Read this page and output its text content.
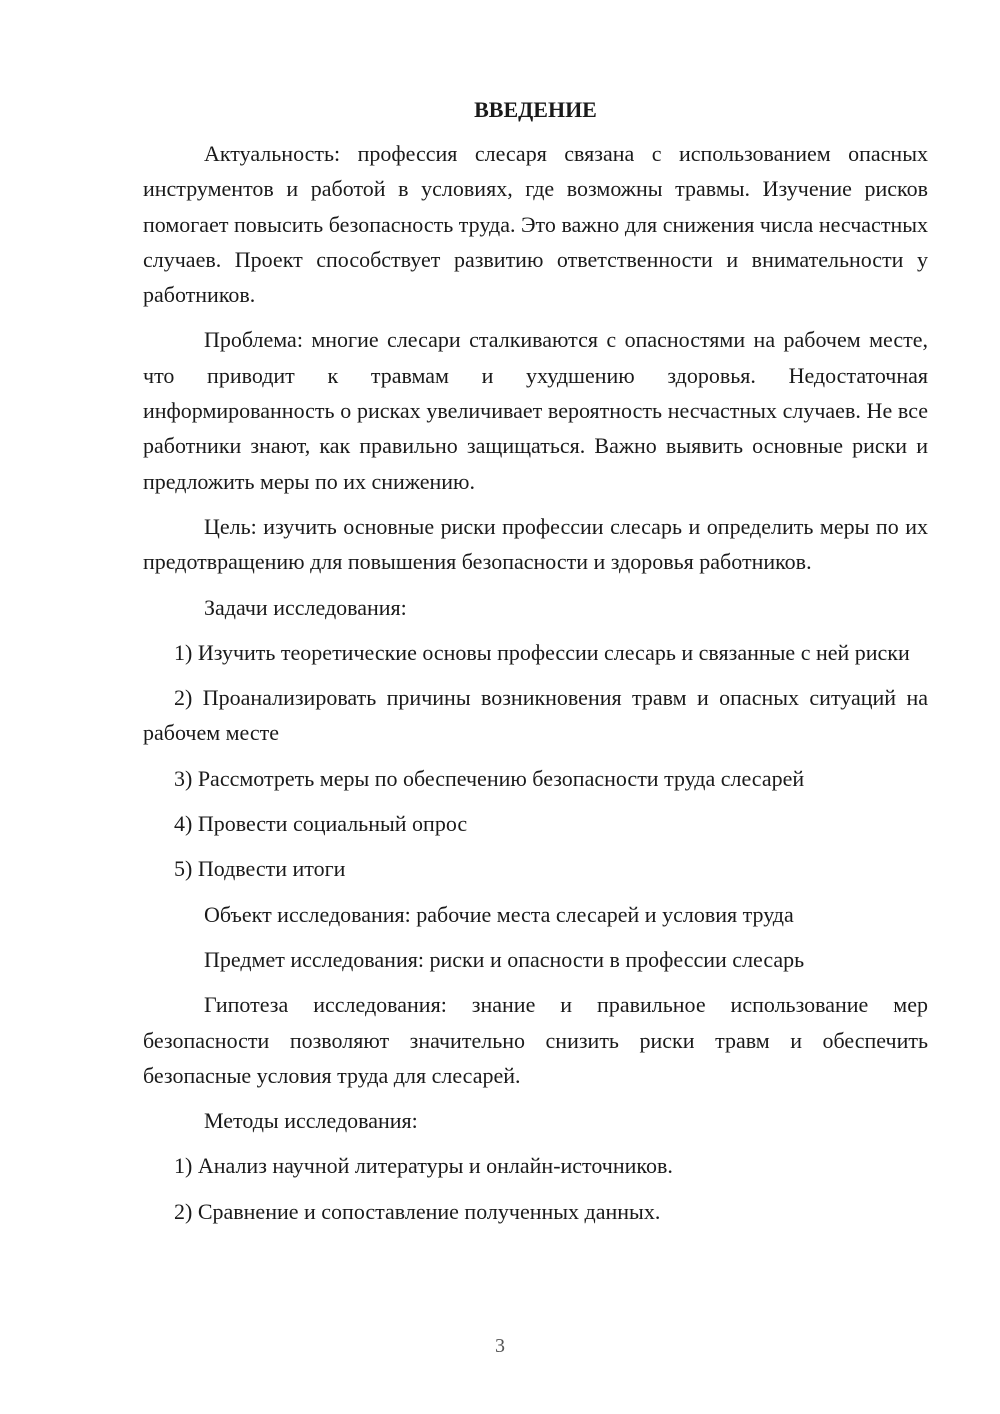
ВВЕДЕНИЕ
Актуальность: профессия слесаря связана с использованием опасных инструментов и работой в условиях, где возможны травмы. Изучение рисков помогает повысить безопасность труда. Это важно для снижения числа несчастных случаев. Проект способствует развитию ответственности и внимательности у работников.
Проблема: многие слесари сталкиваются с опасностями на рабочем месте, что приводит к травмам и ухудшению здоровья. Недостаточная информированность о рисках увеличивает вероятность несчастных случаев. Не все работники знают, как правильно защищаться. Важно выявить основные риски и предложить меры по их снижению.
Цель: изучить основные риски профессии слесарь и определить меры по их предотвращению для повышения безопасности и здоровья работников.
Задачи исследования:
1) Изучить теоретические основы профессии слесарь и связанные с ней риски
2) Проанализировать причины возникновения травм и опасных ситуаций на рабочем месте
3) Рассмотреть меры по обеспечению безопасности труда слесарей
4) Провести социальный опрос
5) Подвести итоги
Объект исследования: рабочие места слесарей и условия труда
Предмет исследования: риски и опасности в профессии слесарь
Гипотеза исследования: знание и правильное использование мер безопасности позволяют значительно снизить риски травм и обеспечить безопасные условия труда для слесарей.
Методы исследования:
1) Анализ научной литературы и онлайн-источников.
2) Сравнение и сопоставление полученных данных.
3
